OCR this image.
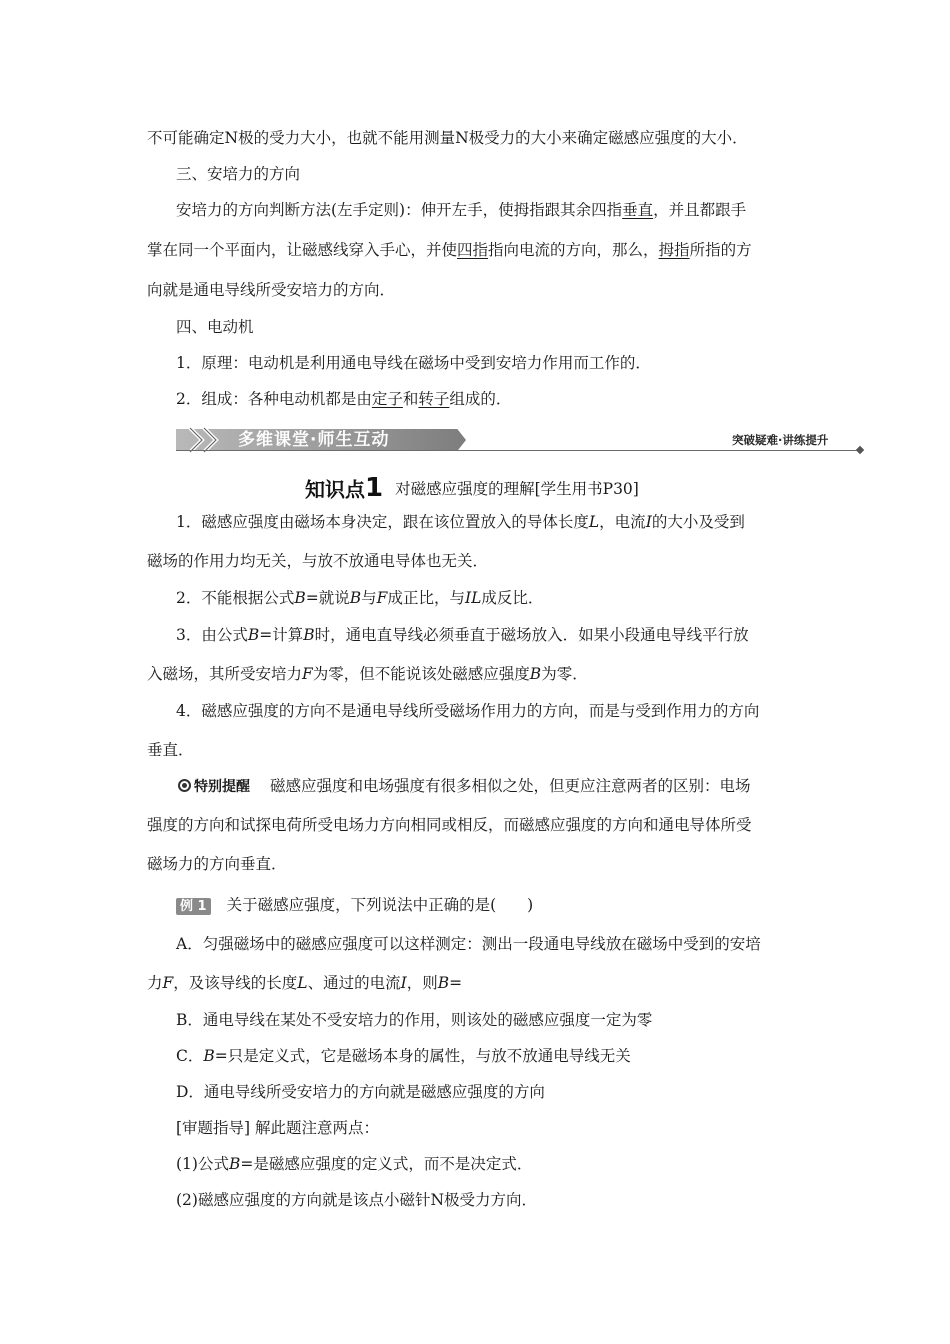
不可能确定N极的受力大小，也就不能用测量N极受力的大小来确定磁感应强度的大小．
三、安培力的方向
安培力的方向判断方法(左手定则)：伸开左手，使拇指跟其余四指垂直，并且都跟手
掌在同一个平面内，让磁感线穿入手心，并使四指指向电流的方向，那么，拇指所指的方
向就是通电导线所受安培力的方向．
四、电动机
1．原理：电动机是利用通电导线在磁场中受到安培力作用而工作的．
2．组成：各种电动机都是由定子和转子组成的．
多维课堂·师生互动	突破疑难·讲练提升
知识点1 对磁感应强度的理解[学生用书P30]
1．磁感应强度由磁场本身决定，跟在该位置放入的导体长度L，电流I的大小及受到
磁场的作用力均无关，与放不放通电导体也无关．
2．不能根据公式B=就说B与F成正比，与IL成反比．
3．由公式B=计算B时，通电直导线必须垂直于磁场放入．如果小段通电导线平行放
入磁场，其所受安培力F为零，但不能说该处磁感应强度B为零．
4．磁感应强度的方向不是通电导线所受磁场作用力的方向，而是与受到作用力的方向
垂直．
特别提醒 磁感应强度和电场强度有很多相似之处，但更应注意两者的区别：电场
强度的方向和试探电荷所受电场力方向相同或相反，而磁感应强度的方向和通电导体所受
磁场力的方向垂直．
例 1 关于磁感应强度，下列说法中正确的是(　　)
A．匀强磁场中的磁感应强度可以这样测定：测出一段通电导线放在磁场中受到的安培
力F，及该导线的长度L、通过的电流I，则B=
B．通电导线在某处不受安培力的作用，则该处的磁感应强度一定为零
C．B=只是定义式，它是磁场本身的属性，与放不放通电导线无关
D．通电导线所受安培力的方向就是磁感应强度的方向
[审题指导] 解此题注意两点：
(1)公式B=是磁感应强度的定义式，而不是决定式．
(2)磁感应强度的方向就是该点小磁针N极受力方向．
